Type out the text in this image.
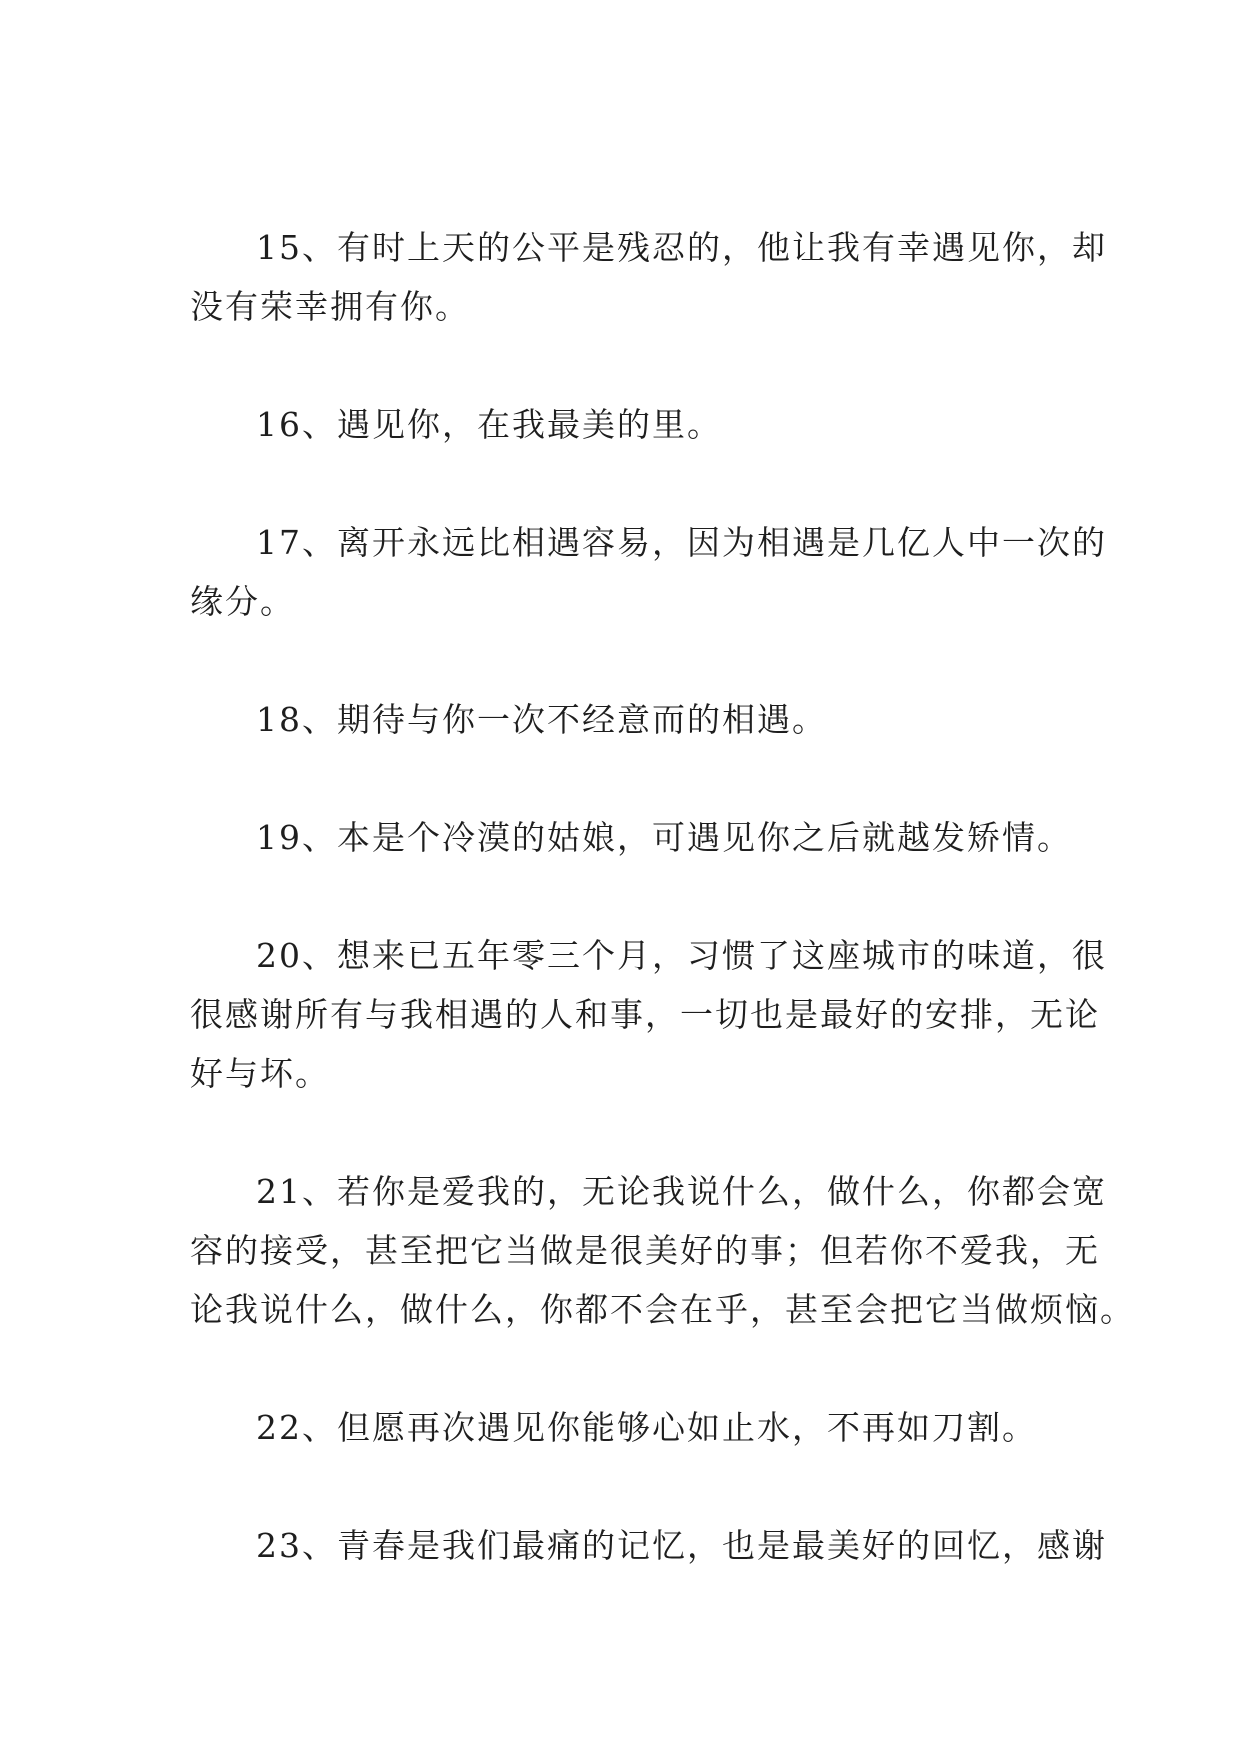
15、有时上天的公平是残忍的，他让我有幸遇见你，却
没有荣幸拥有你。

16、遇见你，在我最美的里。

17、离开永远比相遇容易，因为相遇是几亿人中一次的
缘分。

18、期待与你一次不经意而的相遇。

19、本是个冷漠的姑娘，可遇见你之后就越发矫情。

20、想来已五年零三个月，习惯了这座城市的味道，很
很感谢所有与我相遇的人和事，一切也是最好的安排，无论
好与坏。

21、若你是爱我的，无论我说什么，做什么，你都会宽
容的接受，甚至把它当做是很美好的事；但若你不爱我，无
论我说什么，做什么，你都不会在乎，甚至会把它当做烦恼。

22、但愿再次遇见你能够心如止水，不再如刀割。

23、青春是我们最痛的记忆，也是最美好的回忆，感谢
